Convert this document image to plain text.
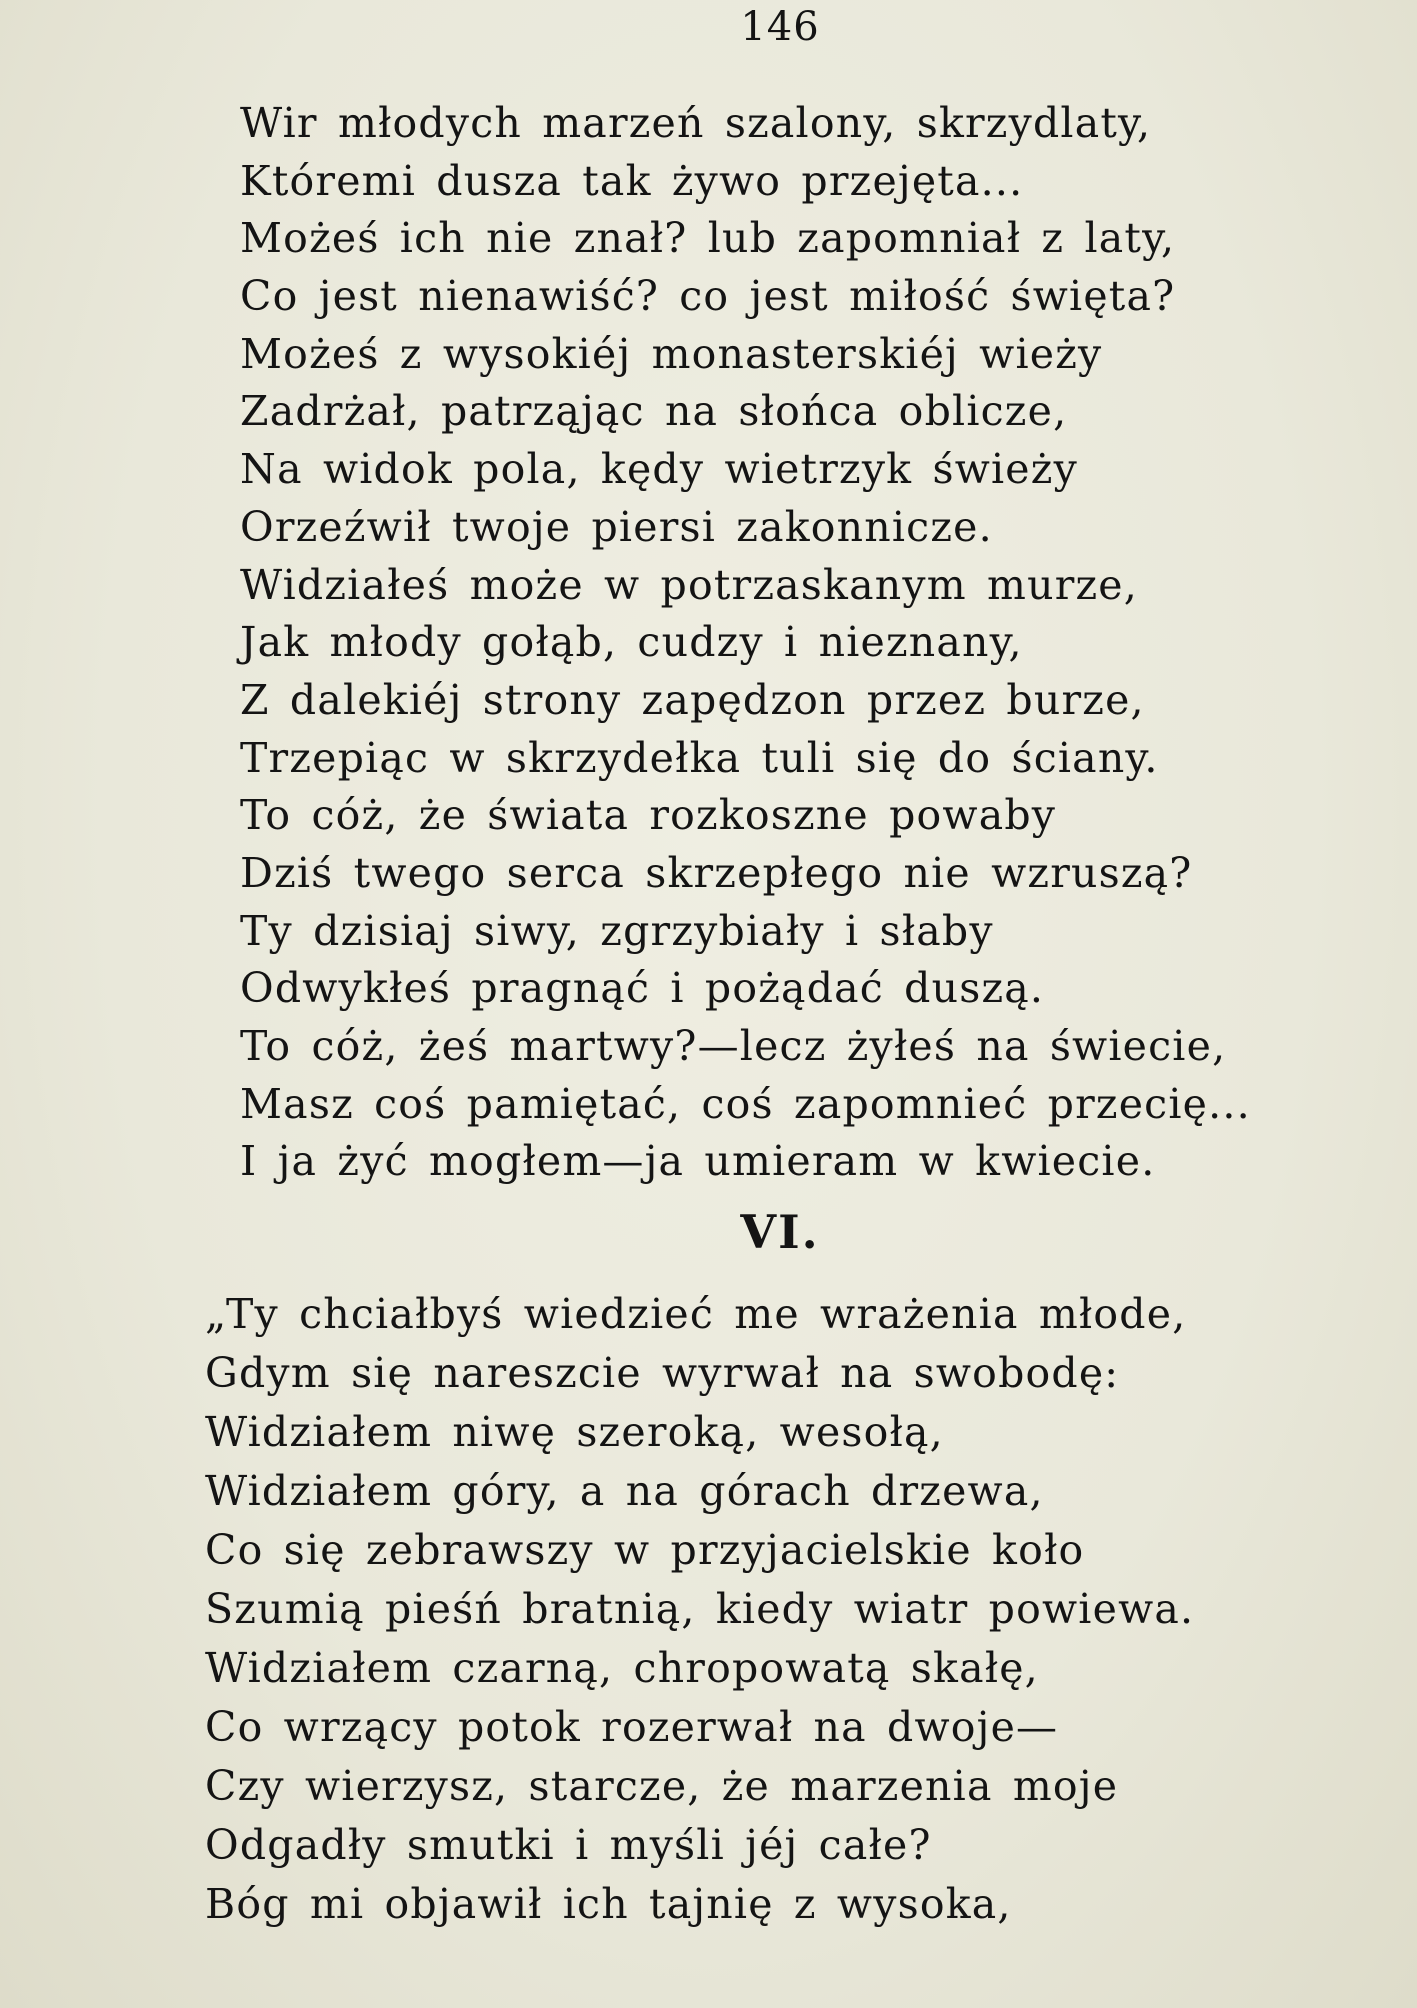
146
Wir młodych marzeń szalony, skrzydlaty,
Któremi dusza tak żywo przejęta...
Możeś ich nie znał? lub zapomniał z laty,
Co jest nienawiść? co jest miłość święta?
Możeś z wysokiéj monasterskiéj wieży
Zadrżał, patrząjąc na słońca oblicze,
Na widok pola, kędy wietrzyk świeży
Orzeźwił twoje piersi zakonnicze.
Widziałeś może w potrzaskanym murze,
Jak młody gołąb, cudzy i nieznany,
Z dalekiéj strony zapędzon przez burze,
Trzepiąc w skrzydełka tuli się do ściany.
To cóż, że świata rozkoszne powaby
Dziś twego serca skrzepłego nie wzruszą?
Ty dzisiaj siwy, zgrzybiały i słaby
Odwykłeś pragnąć i pożądać duszą.
To cóż, żeś martwy?—lecz żyłeś na świecie,
Masz coś pamiętać, coś zapomnieć przecię...
I ja żyć mogłem—ja umieram w kwiecie.
VI.
„Ty chciałbyś wiedzieć me wrażenia młode,
Gdym się nareszcie wyrwał na swobodę:
Widziałem niwę szeroką, wesołą,
Widziałem góry, a na górach drzewa,
Co się zebrawszy w przyjacielskie koło
Szumią pieśń bratnią, kiedy wiatr powiewa.
Widziałem czarną, chropowatą skałę,
Co wrzący potok rozerwał na dwoje—
Czy wierzysz, starcze, że marzenia moje
Odgadły smutki i myśli jéj całe?
Bóg mi objawił ich tajnię z wysoka,
